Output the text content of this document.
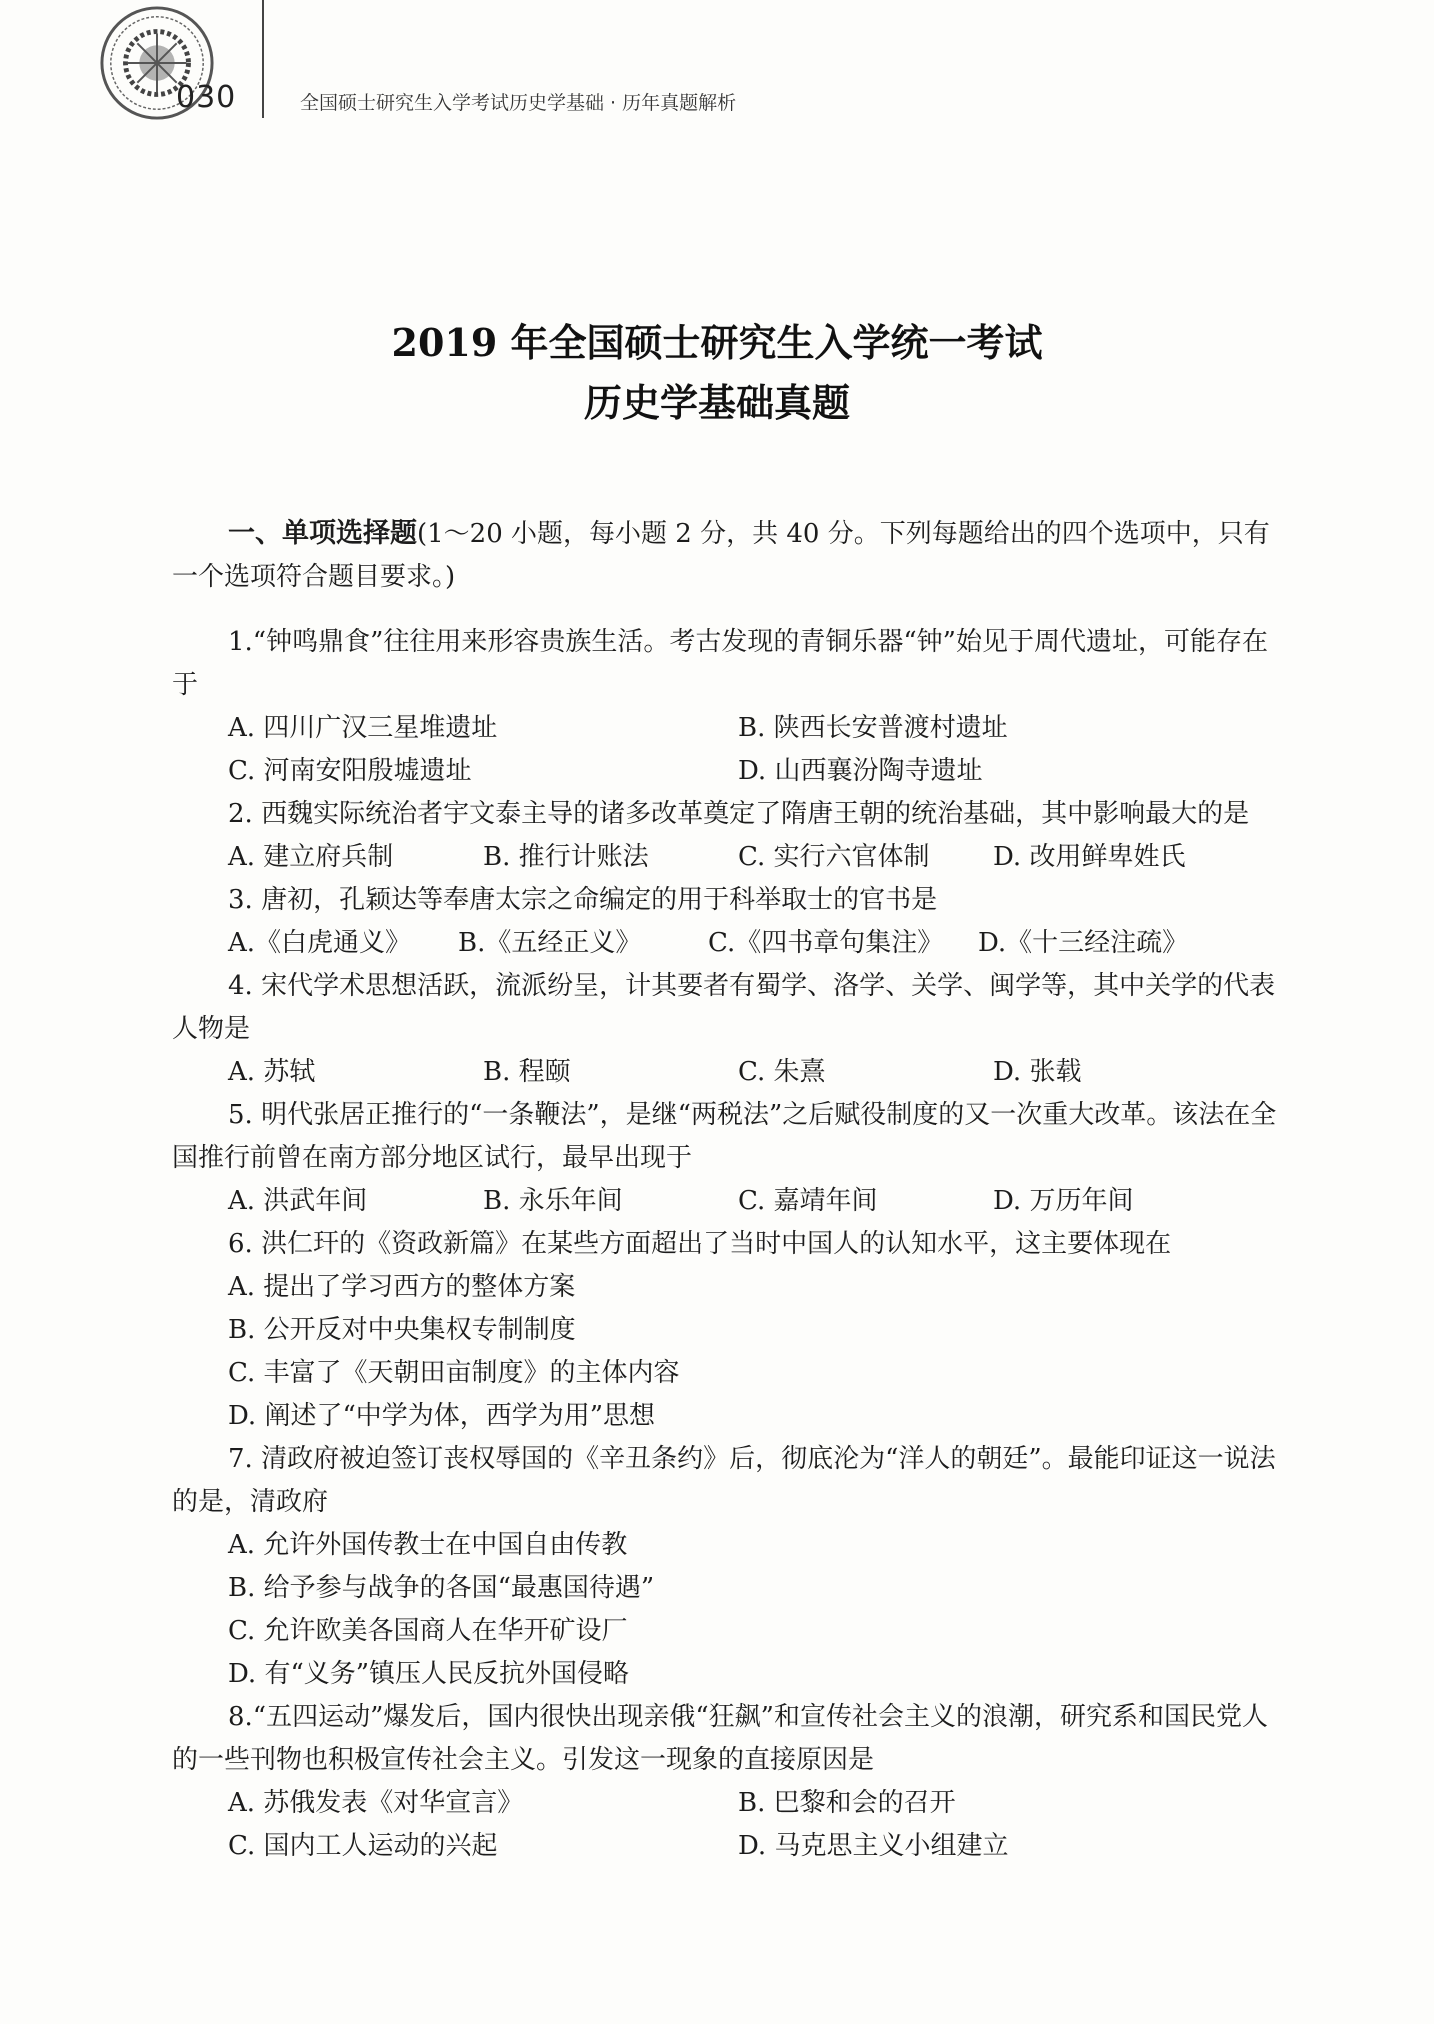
030	全国硕士研究生入学考试历史学基础 · 历年真题解析
2019 年全国硕士研究生入学统一考试
历史学基础真题

一、单项选择题(1～20 小题，每小题 2 分，共 40 分。下列每题给出的四个选项中，只有一个选项符合题目要求。)

1.“钟鸣鼎食”往往用来形容贵族生活。考古发现的青铜乐器“钟”始见于周代遗址，可能存在于

A. 四川广汉三星堆遗址	B. 陕西长安普渡村遗址
C. 河南安阳殷墟遗址	D. 山西襄汾陶寺遗址

2. 西魏实际统治者宇文泰主导的诸多改革奠定了隋唐王朝的统治基础，其中影响最大的是

A. 建立府兵制	B. 推行计账法	C. 实行六官体制	D. 改用鲜卑姓氏

3. 唐初，孔颖达等奉唐太宗之命编定的用于科举取士的官书是

A.《白虎通义》	B.《五经正义》	C.《四书章句集注》	D.《十三经注疏》

4. 宋代学术思想活跃，流派纷呈，计其要者有蜀学、洛学、关学、闽学等，其中关学的代表人物是

A. 苏轼	B. 程颐	C. 朱熹	D. 张载

5. 明代张居正推行的“一条鞭法”，是继“两税法”之后赋役制度的又一次重大改革。该法在全国推行前曾在南方部分地区试行，最早出现于

A. 洪武年间	B. 永乐年间	C. 嘉靖年间	D. 万历年间

6. 洪仁玕的《资政新篇》在某些方面超出了当时中国人的认知水平，这主要体现在

A. 提出了学习西方的整体方案
B. 公开反对中央集权专制制度
C. 丰富了《天朝田亩制度》的主体内容
D. 阐述了“中学为体，西学为用”思想

7. 清政府被迫签订丧权辱国的《辛丑条约》后，彻底沦为“洋人的朝廷”。最能印证这一说法的是，清政府

A. 允许外国传教士在中国自由传教
B. 给予参与战争的各国“最惠国待遇”
C. 允许欧美各国商人在华开矿设厂
D. 有“义务”镇压人民反抗外国侵略

8.“五四运动”爆发后，国内很快出现亲俄“狂飙”和宣传社会主义的浪潮，研究系和国民党人的一些刊物也积极宣传社会主义。引发这一现象的直接原因是

A. 苏俄发表《对华宣言》	B. 巴黎和会的召开
C. 国内工人运动的兴起	D. 马克思主义小组建立
